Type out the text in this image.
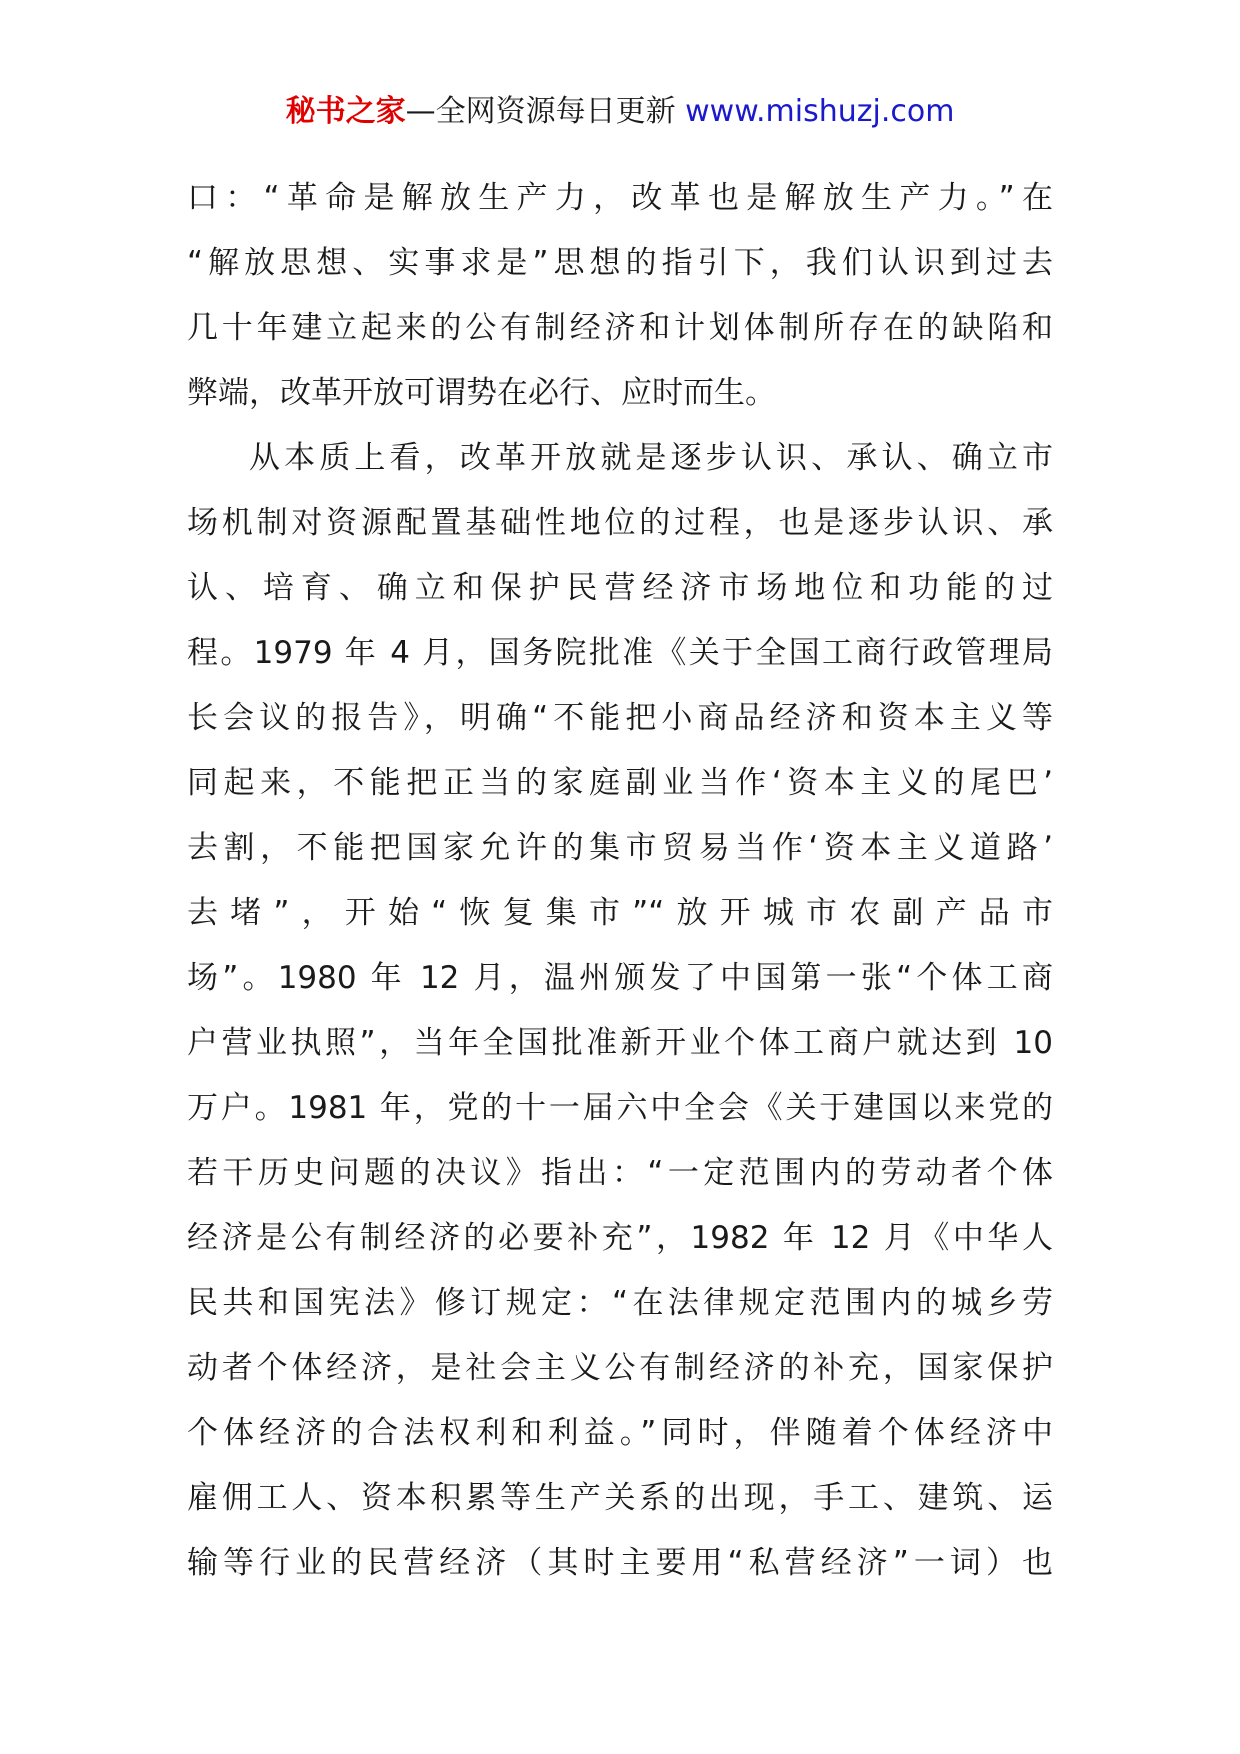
秘书之家—全网资源每日更新 www.mishuzj.com
口：“革命是解放生产力，改革也是解放生产力。”在
“解放思想、实事求是”思想的指引下，我们认识到过去
几十年建立起来的公有制经济和计划体制所存在的缺陷和
弊端，改革开放可谓势在必行、应时而生。
从本质上看，改革开放就是逐步认识、承认、确立市
场机制对资源配置基础性地位的过程，也是逐步认识、承
认、培育、确立和保护民营经济市场地位和功能的过
程。1979 年 4 月，国务院批准《关于全国工商行政管理局
长会议的报告》，明确“不能把小商品经济和资本主义等
同起来，不能把正当的家庭副业当作‘资本主义的尾巴’
去割，不能把国家允许的集市贸易当作‘资本主义道路’
去堵”，开始“恢复集市”“放开城市农副产品市
场”。1980 年 12 月，温州颁发了中国第一张“个体工商
户营业执照”，当年全国批准新开业个体工商户就达到 10
万户。1981 年，党的十一届六中全会《关于建国以来党的
若干历史问题的决议》指出：“一定范围内的劳动者个体
经济是公有制经济的必要补充”，1982 年 12 月《中华人
民共和国宪法》修订规定：“在法律规定范围内的城乡劳
动者个体经济，是社会主义公有制经济的补充，国家保护
个体经济的合法权利和利益。”同时，伴随着个体经济中
雇佣工人、资本积累等生产关系的出现，手工、建筑、运
输等行业的民营经济（其时主要用“私营经济”一词）也
